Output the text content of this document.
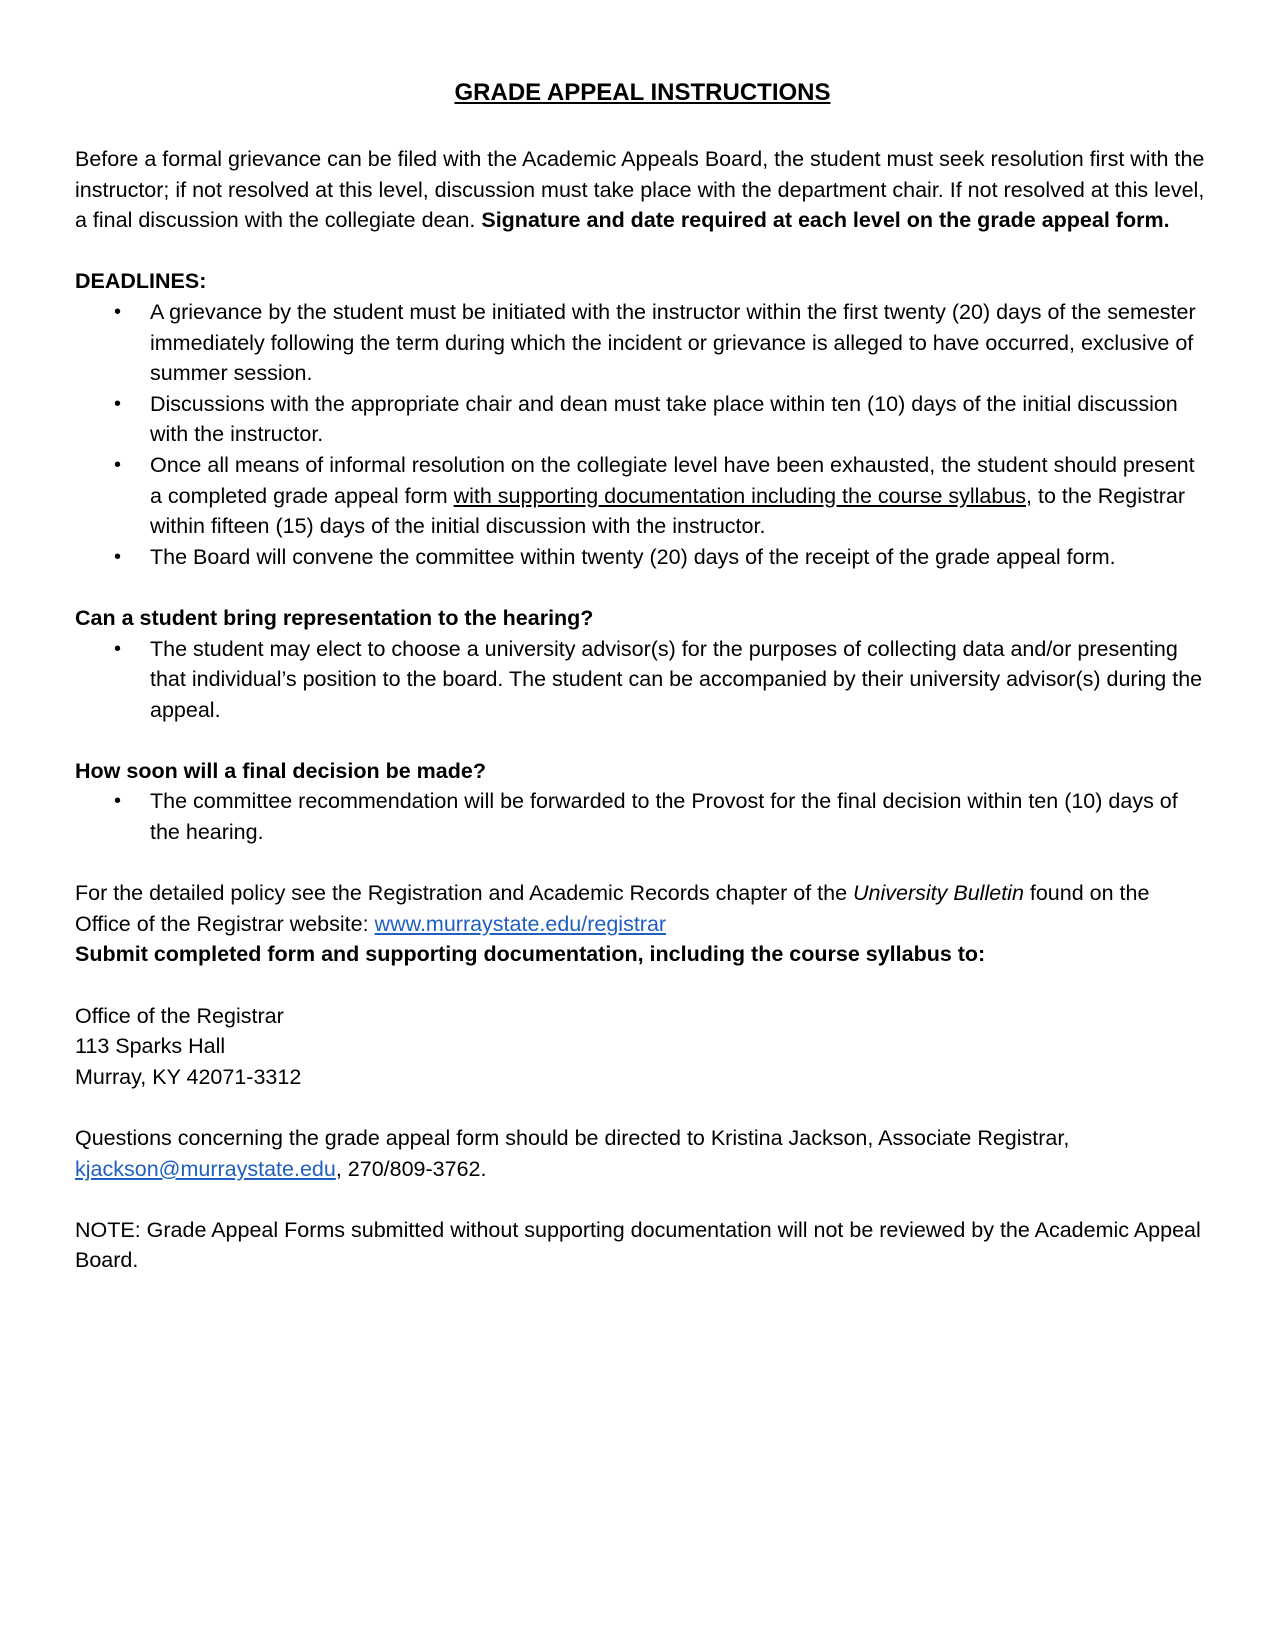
GRADE APPEAL INSTRUCTIONS

Before a formal grievance can be filed with the Academic Appeals Board, the student must seek resolution first with the instructor; if not resolved at this level, discussion must take place with the department chair. If not resolved at this level, a final discussion with the collegiate dean. Signature and date required at each level on the grade appeal form.

DEADLINES:

• A grievance by the student must be initiated with the instructor within the first twenty (20) days of the semester immediately following the term during which the incident or grievance is alleged to have occurred, exclusive of summer session.
• Discussions with the appropriate chair and dean must take place within ten (10) days of the initial discussion with the instructor.
• Once all means of informal resolution on the collegiate level have been exhausted, the student should present a completed grade appeal form with supporting documentation including the course syllabus, to the Registrar within fifteen (15) days of the initial discussion with the instructor.
• The Board will convene the committee within twenty (20) days of the receipt of the grade appeal form.

Can a student bring representation to the hearing?

• The student may elect to choose a university advisor(s) for the purposes of collecting data and/or presenting that individual’s position to the board. The student can be accompanied by their university advisor(s) during the appeal.

How soon will a final decision be made?

• The committee recommendation will be forwarded to the Provost for the final decision within ten (10) days of the hearing.

For the detailed policy see the Registration and Academic Records chapter of the University Bulletin found on the Office of the Registrar website: www.murraystate.edu/registrar

Submit completed form and supporting documentation, including the course syllabus to:

Office of the Registrar

113 Sparks Hall

Murray, KY 42071-3312

Questions concerning the grade appeal form should be directed to Kristina Jackson, Associate Registrar,

kjackson@murraystate.edu, 270/809-3762.

NOTE: Grade Appeal Forms submitted without supporting documentation will not be reviewed by the Academic Appeal Board.
